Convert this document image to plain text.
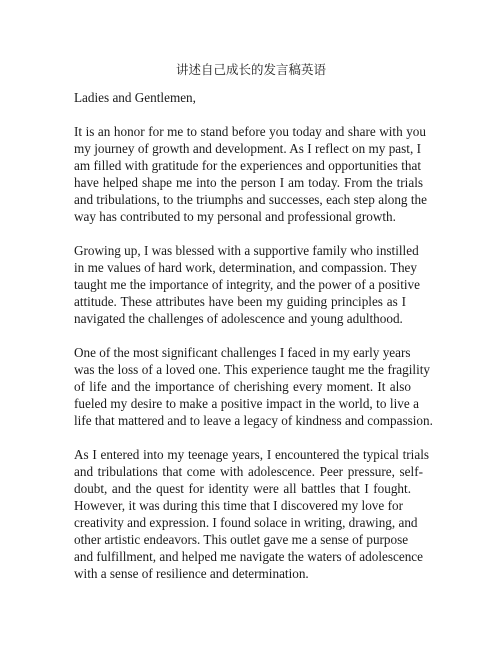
讲述自己成长的发言稿英语
Ladies and Gentlemen,
It is an honor for me to stand before you today and share with you
my journey of growth and development. As I reflect on my past, I
am filled with gratitude for the experiences and opportunities that
have helped shape me into the person I am today. From the trials
and tribulations, to the triumphs and successes, each step along the
way has contributed to my personal and professional growth.
Growing up, I was blessed with a supportive family who instilled
in me values of hard work, determination, and compassion. They
taught me the importance of integrity, and the power of a positive
attitude. These attributes have been my guiding principles as I
navigated the challenges of adolescence and young adulthood.
One of the most significant challenges I faced in my early years
was the loss of a loved one. This experience taught me the fragility
of life and the importance of cherishing every moment. It also
fueled my desire to make a positive impact in the world, to live a
life that mattered and to leave a legacy of kindness and compassion.
As I entered into my teenage years, I encountered the typical trials
and tribulations that come with adolescence. Peer pressure, self-
doubt, and the quest for identity were all battles that I fought.
However, it was during this time that I discovered my love for
creativity and expression. I found solace in writing, drawing, and
other artistic endeavors. This outlet gave me a sense of purpose
and fulfillment, and helped me navigate the waters of adolescence
with a sense of resilience and determination.
